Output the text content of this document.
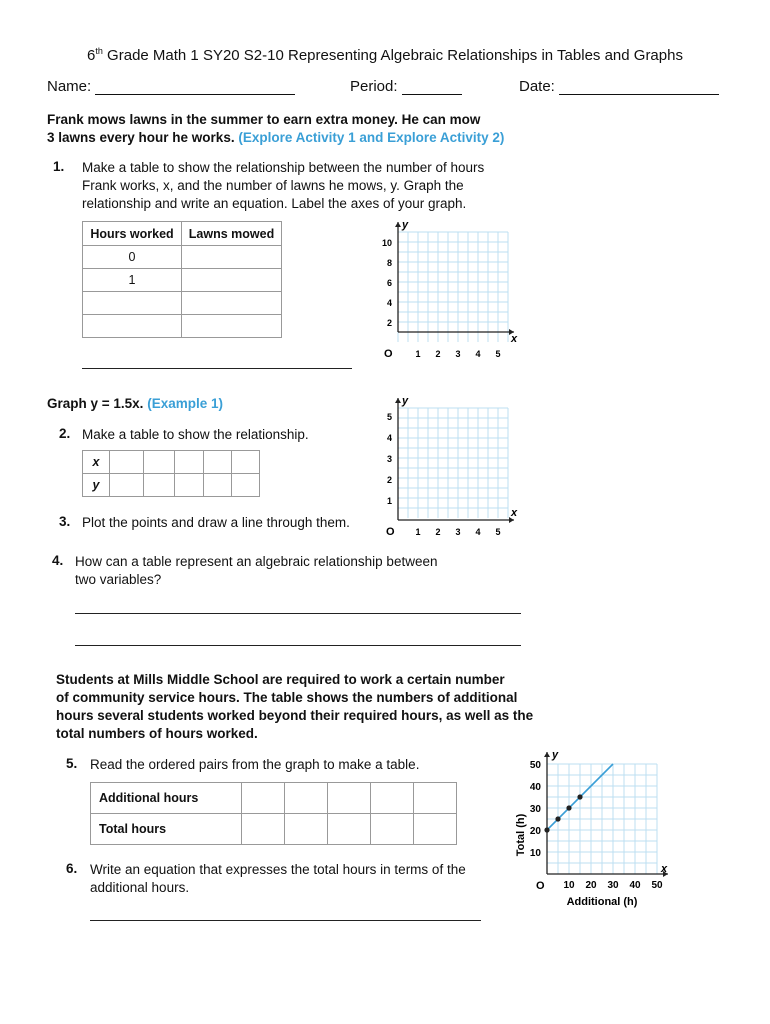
6th Grade Math 1 SY20 S2-10 Representing Algebraic Relationships in Tables and Graphs
Name:	Period:	Date:
Frank mows lawns in the summer to earn extra money. He can mow
3 lawns every hour he works. (Explore Activity 1 and Explore Activity 2)
1. Make a table to show the relationship between the number of hours
Frank works, x, and the number of lawns he mows, y. Graph the
relationship and write an equation. Label the axes of your graph.
Hours worked	Lawns mowed
0	
1	

y
x
O
2
4
6
8
10
1 2 3 4 5
Graph y = 1.5x. (Example 1)
2. Make a table to show the relationship.
x					
y					
3. Plot the points and draw a line through them.
y
x
O
1
2
3
4
5
1 2 3 4 5
4. How can a table represent an algebraic relationship between
two variables?
Students at Mills Middle School are required to work a certain number
of community service hours. The table shows the numbers of additional
hours several students worked beyond their required hours, as well as the
total numbers of hours worked.
5. Read the ordered pairs from the graph to make a table.
Additional hours					
Total hours					
6. Write an equation that expresses the total hours in terms of the
additional hours.
y
x
O
Total (h)
Additional (h)
10 20 30 40 50
10
20
30
40
50
